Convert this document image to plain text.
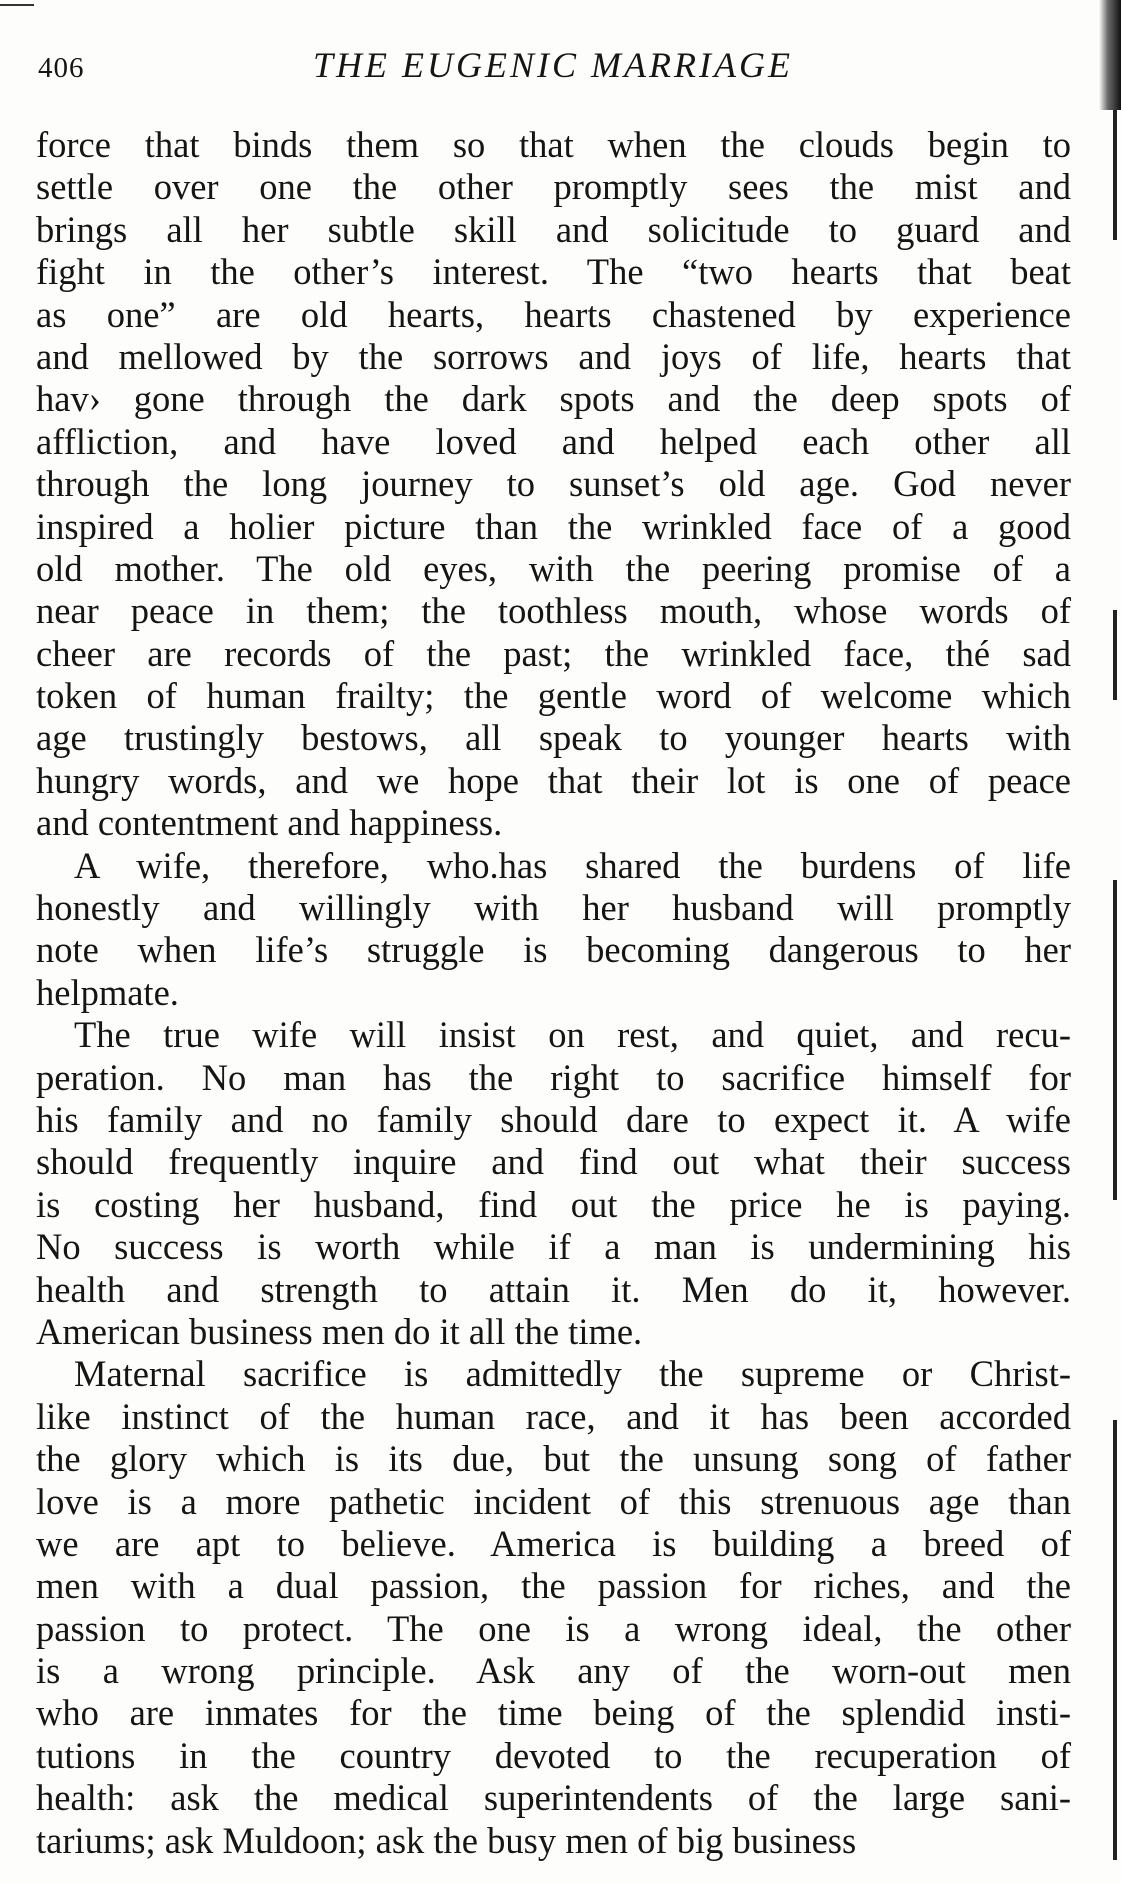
406	THE EUGENIC MARRIAGE
force that binds them so that when the clouds begin to
settle over one the other promptly sees the mist and
brings all her subtle skill and solicitude to guard and
fight in the other’s interest. The “two hearts that beat
as one” are old hearts, hearts chastened by experience
and mellowed by the sorrows and joys of life, hearts that
hav› gone through the dark spots and the deep spots of
affliction, and have loved and helped each other all
through the long journey to sunset’s old age. God never
inspired a holier picture than the wrinkled face of a good
old mother. The old eyes, with the peering promise of a
near peace in them; the toothless mouth, whose words of
cheer are records of the past; the wrinkled face, thé sad
token of human frailty; the gentle word of welcome which
age trustingly bestows, all speak to younger hearts with
hungry words, and we hope that their lot is one of peace
and contentment and happiness.
A wife, therefore, who.has shared the burdens of life
honestly and willingly with her husband will promptly
note when life’s struggle is becoming dangerous to her
helpmate.
The true wife will insist on rest, and quiet, and recu-
peration. No man has the right to sacrifice himself for
his family and no family should dare to expect it. A wife
should frequently inquire and find out what their success
is costing her husband, find out the price he is paying.
No success is worth while if a man is undermining his
health and strength to attain it. Men do it, however.
American business men do it all the time.
Maternal sacrifice is admittedly the supreme or Christ-
like instinct of the human race, and it has been accorded
the glory which is its due, but the unsung song of father
love is a more pathetic incident of this strenuous age than
we are apt to believe. America is building a breed of
men with a dual passion, the passion for riches, and the
passion to protect. The one is a wrong ideal, the other
is a wrong principle. Ask any of the worn-out men
who are inmates for the time being of the splendid insti-
tutions in the country devoted to the recuperation of
health: ask the medical superintendents of the large sani-
tariums; ask Muldoon; ask the busy men of big business
